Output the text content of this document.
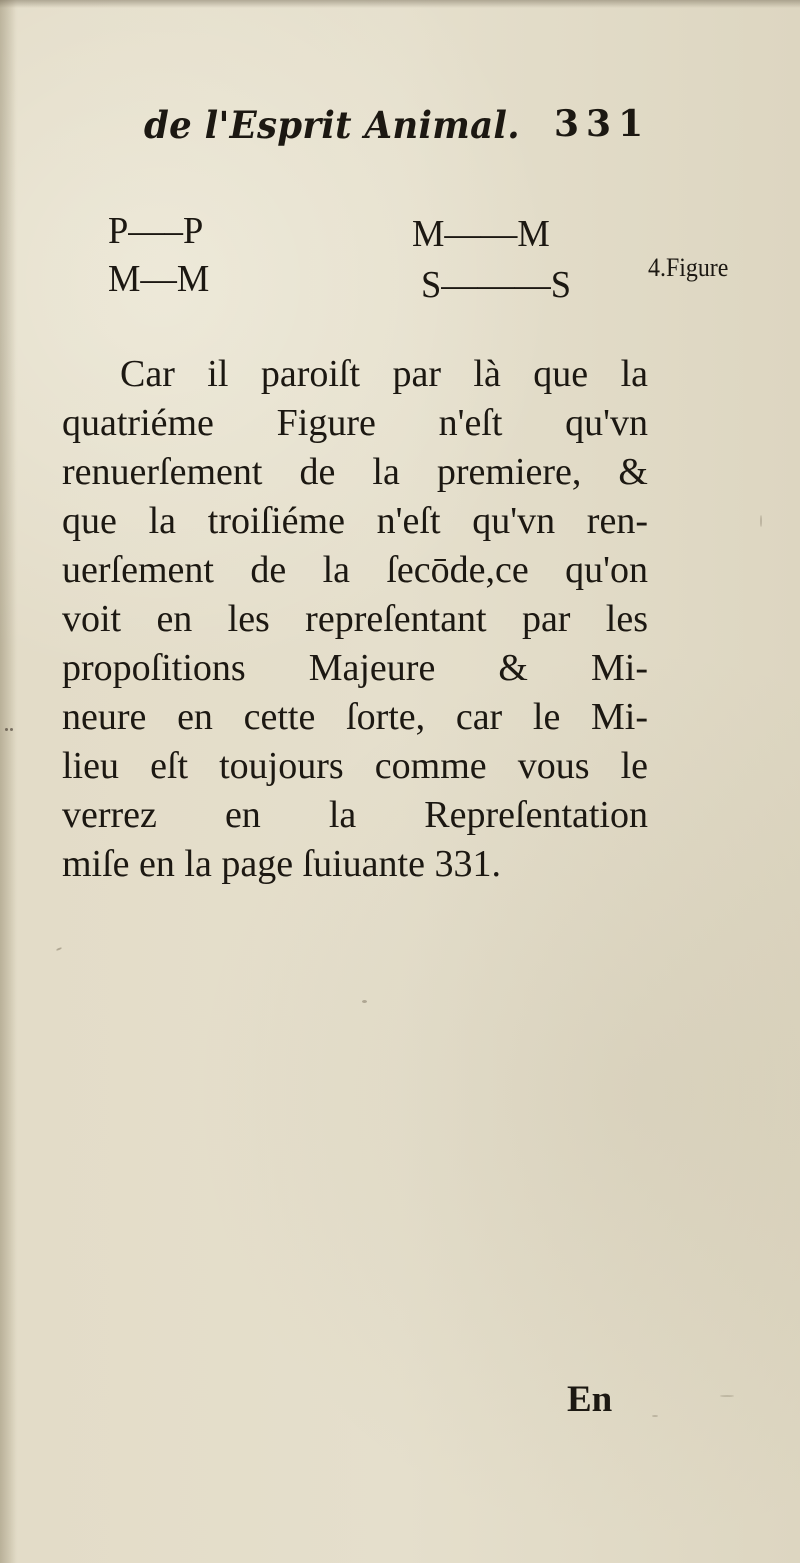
de l'Esprit Animal. 331
P—–P
M—M
M——M
S———S	4.Figure
Car il paroiſt par là que la
quatriéme Figure n'eſt qu'vn
renuerſement de la premiere, &
que la troiſiéme n'eſt qu'vn ren-
uerſement de la ſecōde,ce qu'on
voit en les repreſentant par les
propoſitions Majeure & Mi-
neure en cette ſorte, car le Mi-
lieu eſt toujours comme vous le
verrez en la Repreſentation
miſe en la page ſuiuante 331.
En
